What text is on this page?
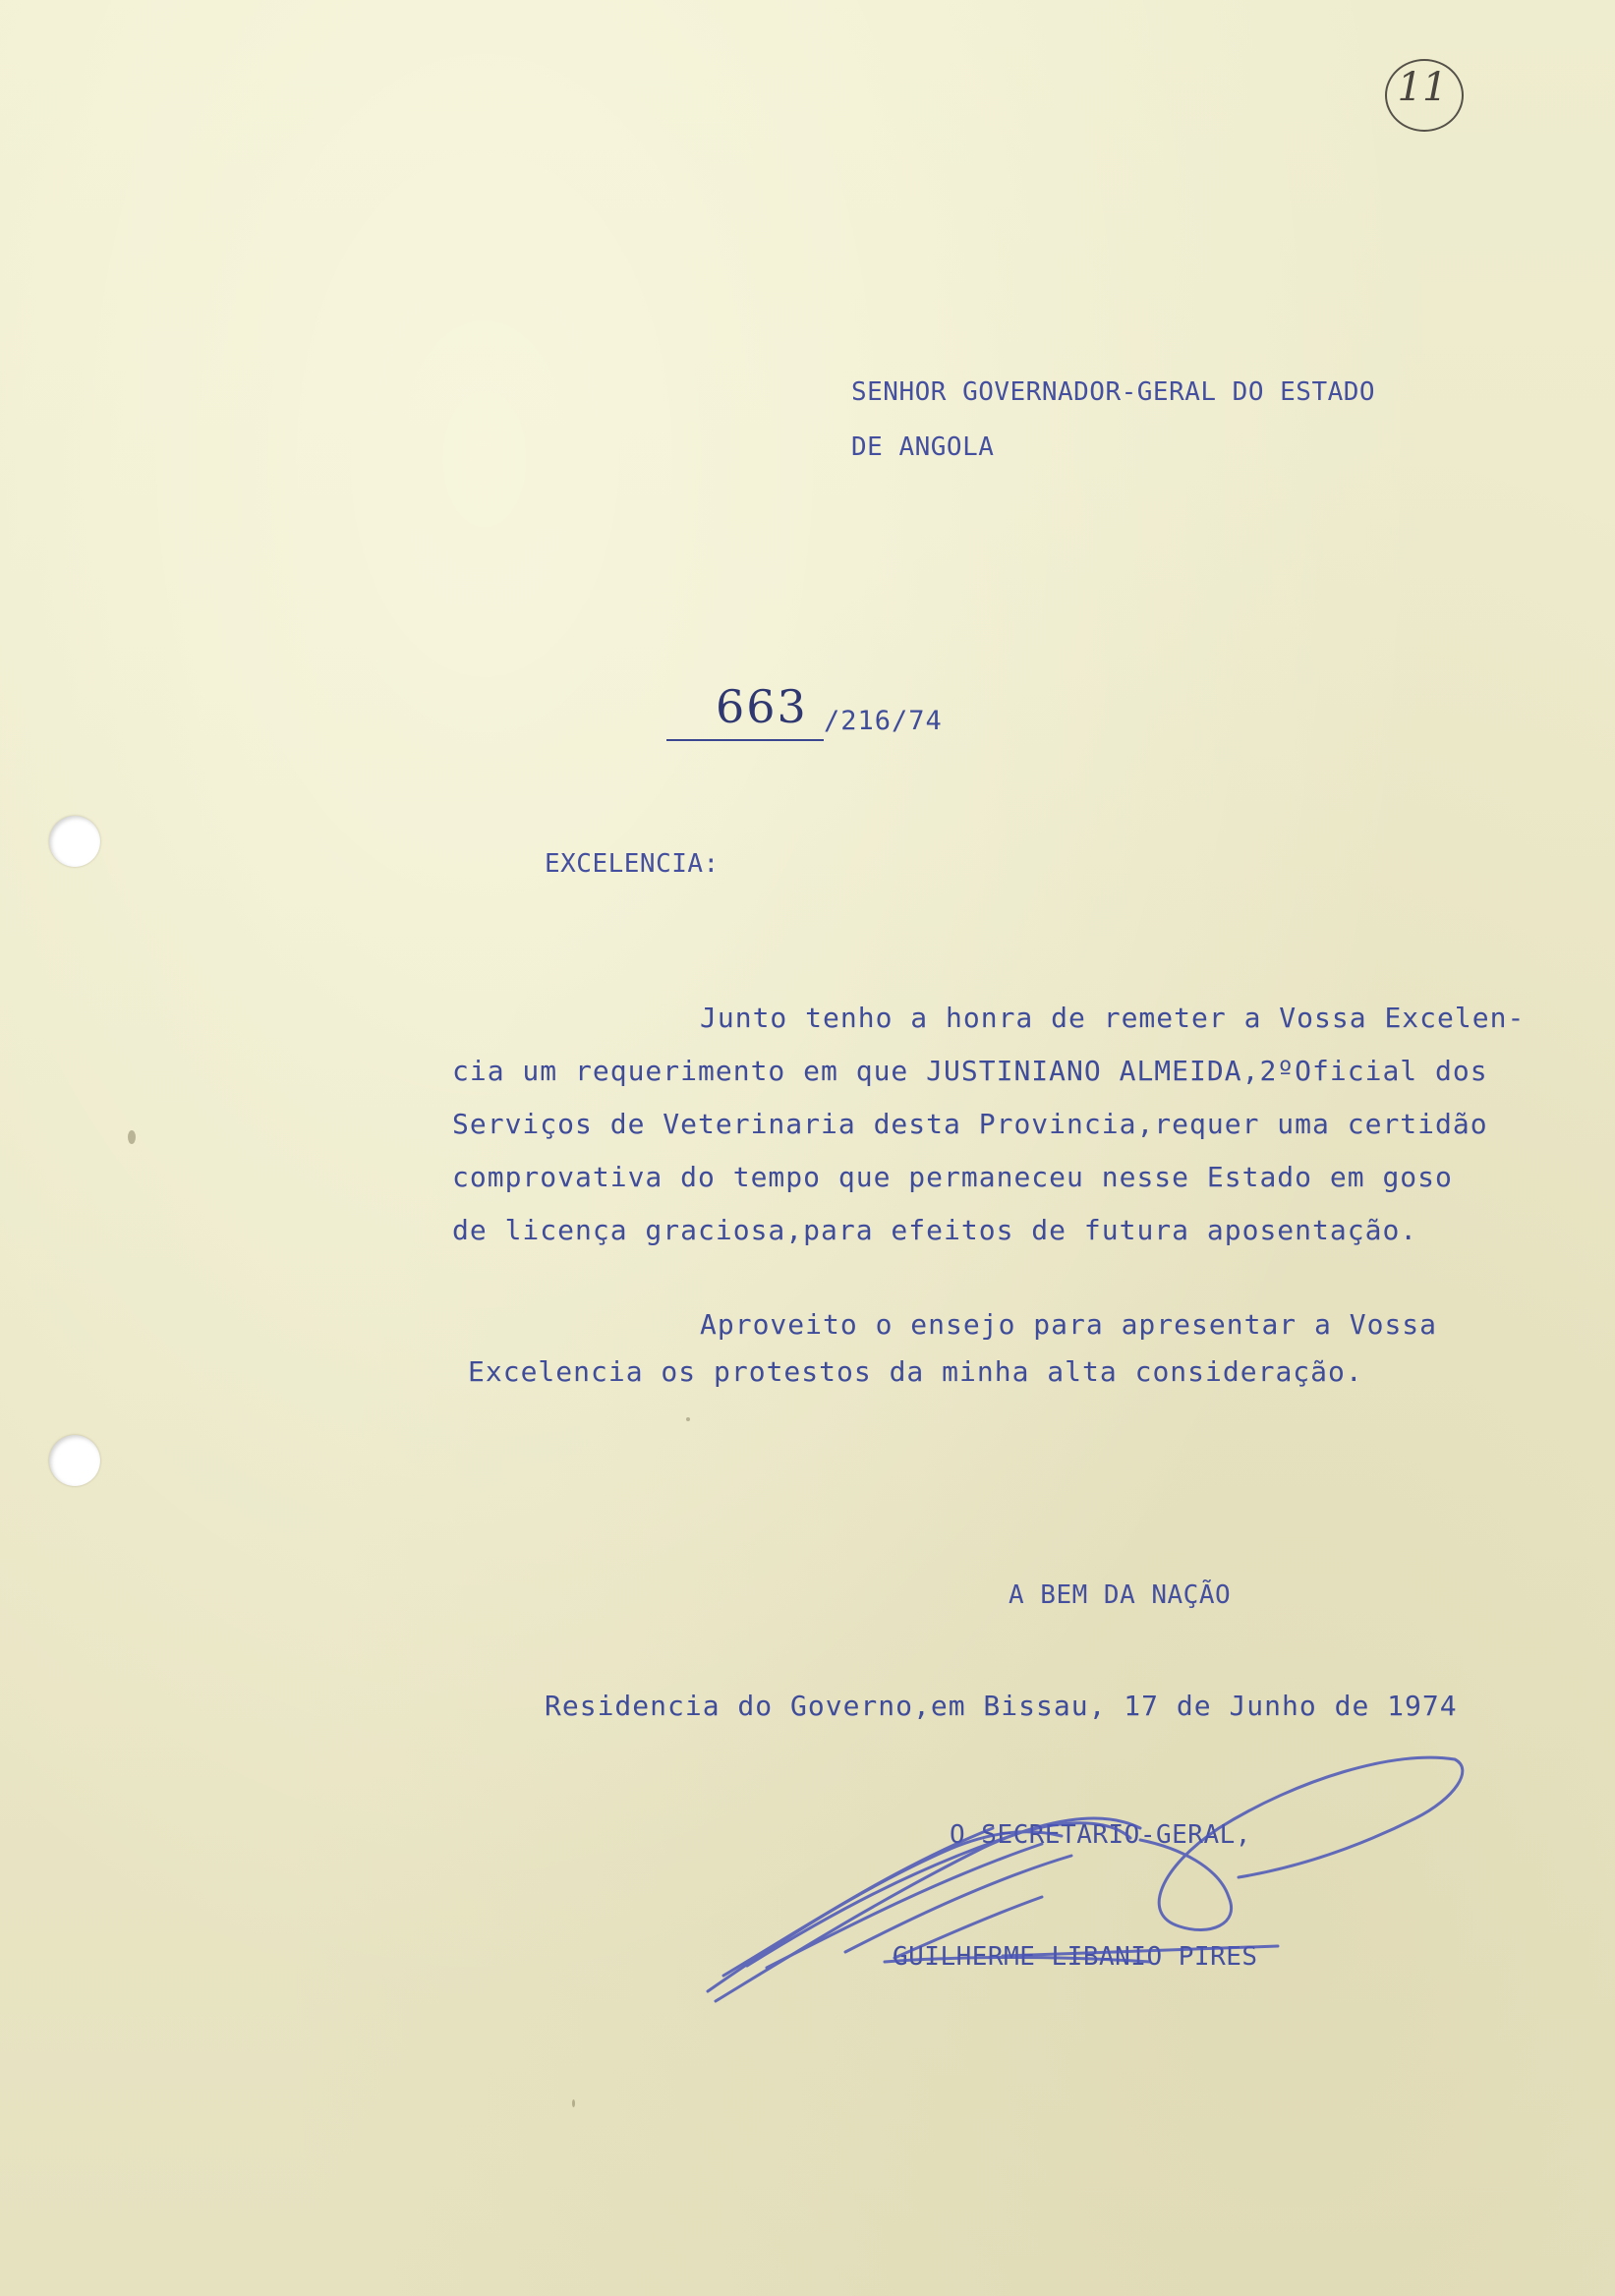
11
SENHOR GOVERNADOR-GERAL DO ESTADO
DE ANGOLA
663 /216/74
EXCELENCIA:
Junto tenho a honra de remeter a Vossa Excelen-
cia um requerimento em que JUSTINIANO ALMEIDA,2ºOficial dos
Serviços de Veterinaria desta Provincia,requer uma certidão
comprovativa do tempo que permaneceu nesse Estado em goso
de licença graciosa,para efeitos de futura aposentação.
Aproveito o ensejo para apresentar a Vossa
Excelencia os protestos da minha alta consideração.
A BEM DA NAÇÃO
Residencia do Governo,em Bissau, 17 de Junho de 1974
O SECRETARIO-GERAL,
GUILHERME LIBANIO PIRES
